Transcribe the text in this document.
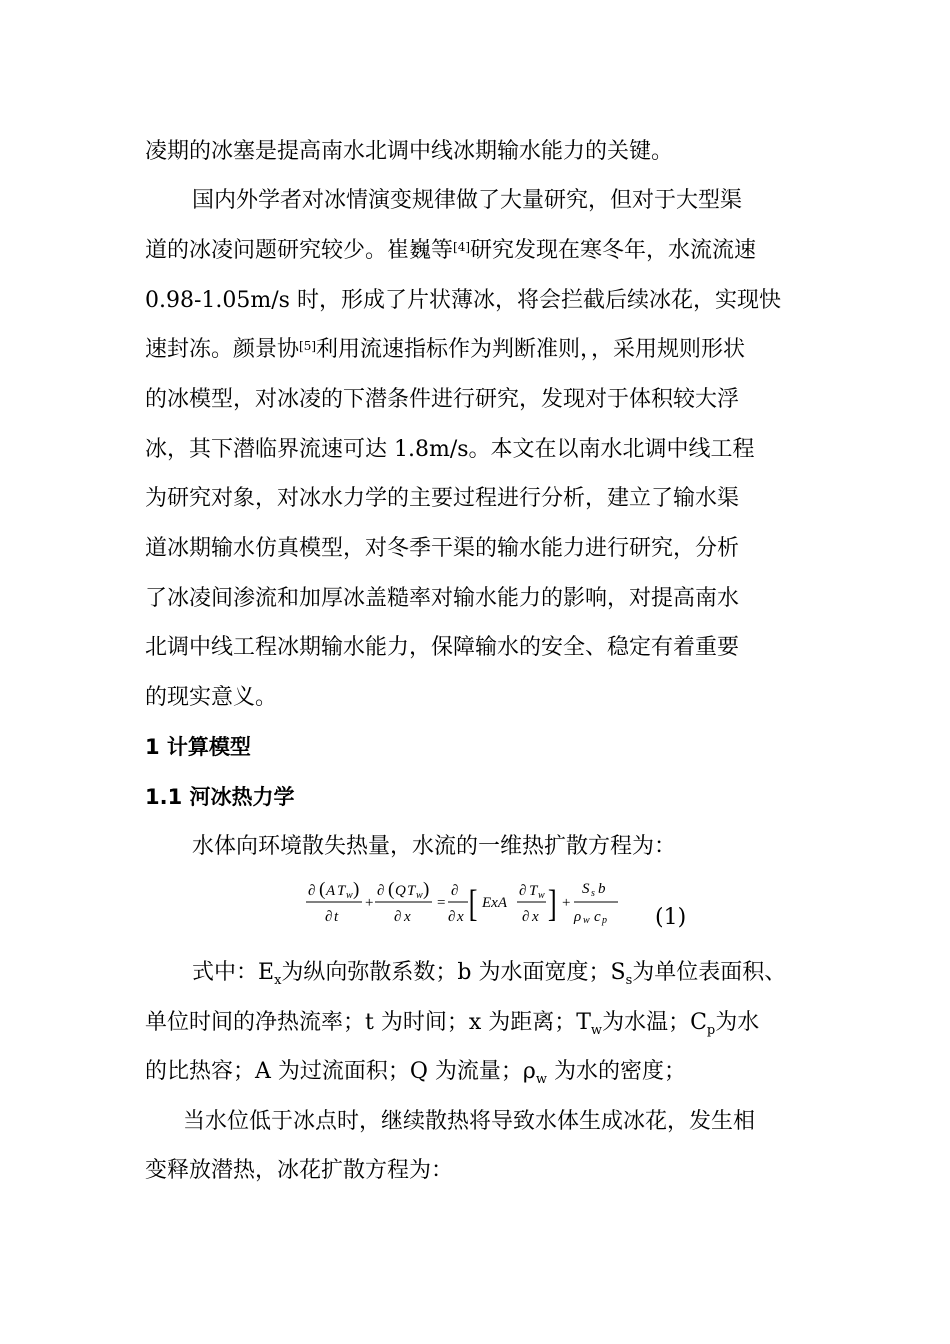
凌期的冰塞是提高南水北调中线冰期输水能力的关键。
国内外学者对冰情演变规律做了大量研究，但对于大型渠
道的冰凌问题研究较少。崔巍等[4]研究发现在寒冬年，水流流速
0.98-1.05m/s 时，形成了片状薄冰，将会拦截后续冰花，实现快
速封冻。颜景协[5]利用流速指标作为判断准则，，采用规则形状
的冰模型，对冰凌的下潜条件进行研究，发现对于体积较大浮
冰，其下潜临界流速可达 1.8m/s。本文在以南水北调中线工程
为研究对象，对冰水力学的主要过程进行分析，建立了输水渠
道冰期输水仿真模型，对冬季干渠的输水能力进行研究，分析
了冰凌间渗流和加厚冰盖糙率对输水能力的影响，对提高南水
北调中线工程冰期输水能力，保障输水的安全、稳定有着重要
的现实意义。
1 计算模型
1.1 河冰热力学
水体向环境散失热量，水流的一维热扩散方程为：
∂ ( A T w )
∂ t
+
∂ ( Q T w )
∂ x
=
∂
∂ x [ ExA
∂ T w
∂ x ] +
S s b
ρ w c p (1)
式中：$E_x$为纵向弥散系数；b 为水面宽度；$S_s$为单位表面积、
单位时间的净热流率；t 为时间；x 为距离；$T_w$为水温；$C_p$为水
的比热容；A 为过流面积；Q 为流量；$\rho_w$ 为水的密度；
当水位低于冰点时，继续散热将导致水体生成冰花，发生相
变释放潜热，冰花扩散方程为：
